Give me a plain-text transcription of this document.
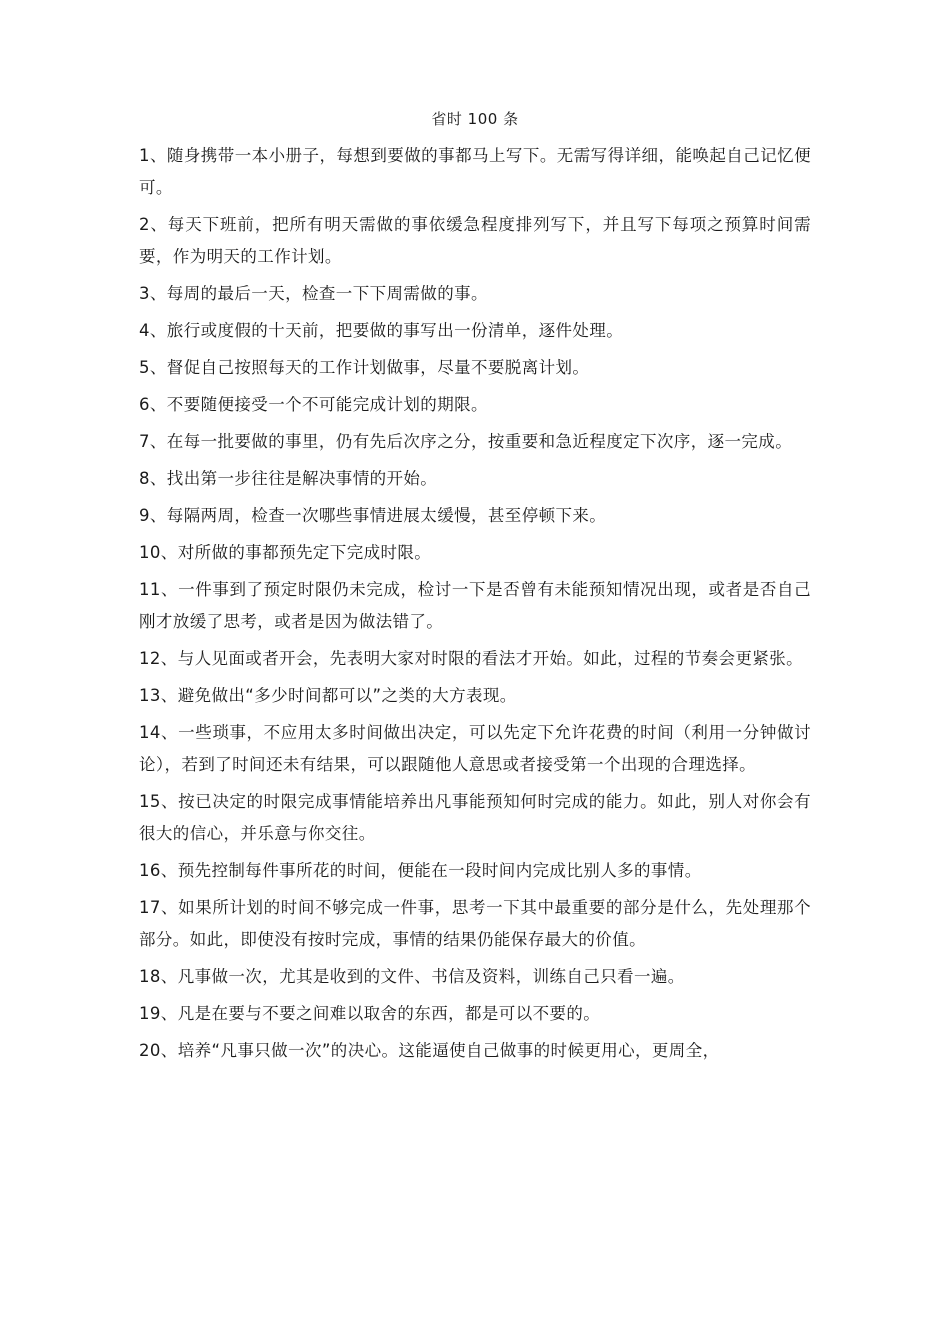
省时 100 条

1、随身携带一本小册子，每想到要做的事都马上写下。无需写得详细，能唤起自己记忆便可。

2、每天下班前，把所有明天需做的事依缓急程度排列写下，并且写下每项之预算时间需要，作为明天的工作计划。

3、每周的最后一天，检查一下下周需做的事。

4、旅行或度假的十天前，把要做的事写出一份清单，逐件处理。

5、督促自己按照每天的工作计划做事，尽量不要脱离计划。

6、不要随便接受一个不可能完成计划的期限。

7、在每一批要做的事里，仍有先后次序之分，按重要和急近程度定下次序，逐一完成。

8、找出第一步往往是解决事情的开始。

9、每隔两周，检查一次哪些事情进展太缓慢，甚至停顿下来。

10、对所做的事都预先定下完成时限。

11、一件事到了预定时限仍未完成，检讨一下是否曾有未能预知情况出现，或者是否自己刚才放缓了思考，或者是因为做法错了。

12、与人见面或者开会，先表明大家对时限的看法才开始。如此，过程的节奏会更紧张。

13、避免做出“多少时间都可以”之类的大方表现。

14、一些琐事，不应用太多时间做出决定，可以先定下允许花费的时间（利用一分钟做讨论），若到了时间还未有结果，可以跟随他人意思或者接受第一个出现的合理选择。

15、按已决定的时限完成事情能培养出凡事能预知何时完成的能力。如此，别人对你会有很大的信心，并乐意与你交往。

16、预先控制每件事所花的时间，便能在一段时间内完成比别人多的事情。

17、如果所计划的时间不够完成一件事，思考一下其中最重要的部分是什么，先处理那个部分。如此，即使没有按时完成，事情的结果仍能保存最大的价值。

18、凡事做一次，尤其是收到的文件、书信及资料，训练自己只看一遍。

19、凡是在要与不要之间难以取舍的东西，都是可以不要的。

20、培养“凡事只做一次”的决心。这能逼使自己做事的时候更用心，更周全，
